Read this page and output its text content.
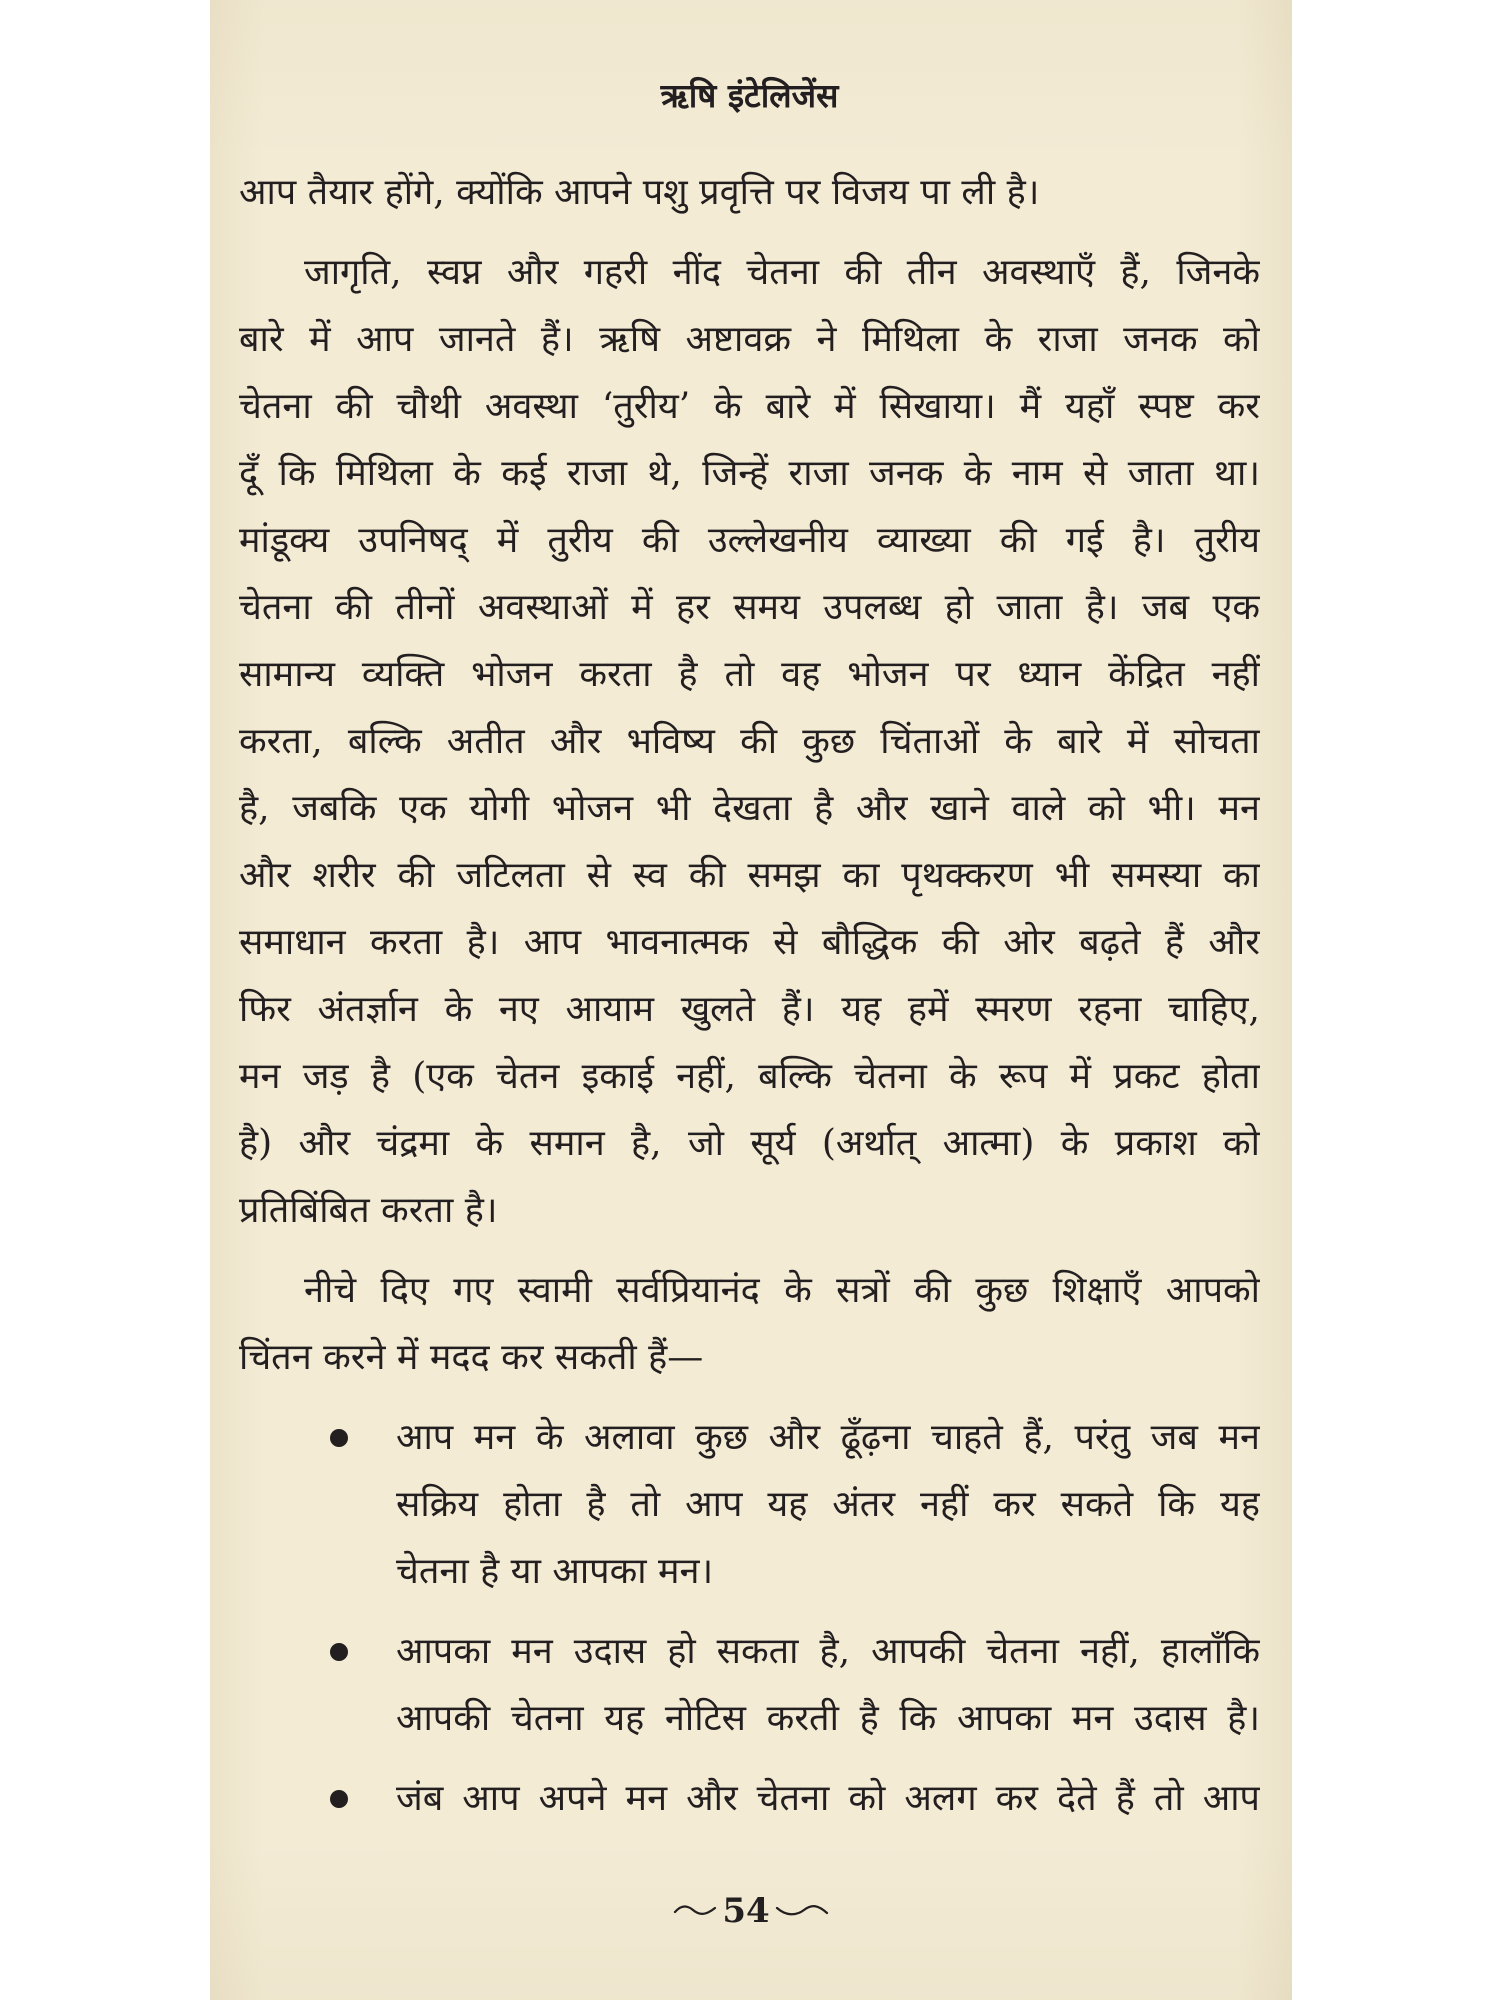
ऋषि इंटेलिजेंस
आप तैयार होंगे, क्योंकि आपने पशु प्रवृत्ति पर विजय पा ली है।
जागृति, स्वप्न और गहरी नींद चेतना की तीन अवस्थाएँ हैं, जिनके
बारे में आप जानते हैं। ऋषि अष्टावक्र ने मिथिला के राजा जनक को
चेतना की चौथी अवस्था ‘तुरीय’ के बारे में सिखाया। मैं यहाँ स्पष्ट कर
दूँ कि मिथिला के कई राजा थे, जिन्हें राजा जनक के नाम से जाता था।
मांडूक्य उपनिषद् में तुरीय की उल्लेखनीय व्याख्या की गई है। तुरीय
चेतना की तीनों अवस्थाओं में हर समय उपलब्ध हो जाता है। जब एक
सामान्य व्यक्ति भोजन करता है तो वह भोजन पर ध्यान केंद्रित नहीं
करता, बल्कि अतीत और भविष्य की कुछ चिंताओं के बारे में सोचता
है, जबकि एक योगी भोजन भी देखता है और खाने वाले को भी। मन
और शरीर की जटिलता से स्व की समझ का पृथक्करण भी समस्या का
समाधान करता है। आप भावनात्मक से बौद्धिक की ओर बढ़ते हैं और
फिर अंतर्ज्ञान के नए आयाम खुलते हैं। यह हमें स्मरण रहना चाहिए,
मन जड़ है (एक चेतन इकाई नहीं, बल्कि चेतना के रूप में प्रकट होता
है) और चंद्रमा के समान है, जो सूर्य (अर्थात् आत्मा) के प्रकाश को
प्रतिबिंबित करता है।
नीचे दिए गए स्वामी सर्वप्रियानंद के सत्रों की कुछ शिक्षाएँ आपको
चिंतन करने में मदद कर सकती हैं—
आप मन के अलावा कुछ और ढूँढ़ना चाहते हैं, परंतु जब मन
सक्रिय होता है तो आप यह अंतर नहीं कर सकते कि यह
चेतना है या आपका मन।
आपका मन उदास हो सकता है, आपकी चेतना नहीं, हालाँकि
आपकी चेतना यह नोटिस करती है कि आपका मन उदास है।
जंब आप अपने मन और चेतना को अलग कर देते हैं तो आप
54
